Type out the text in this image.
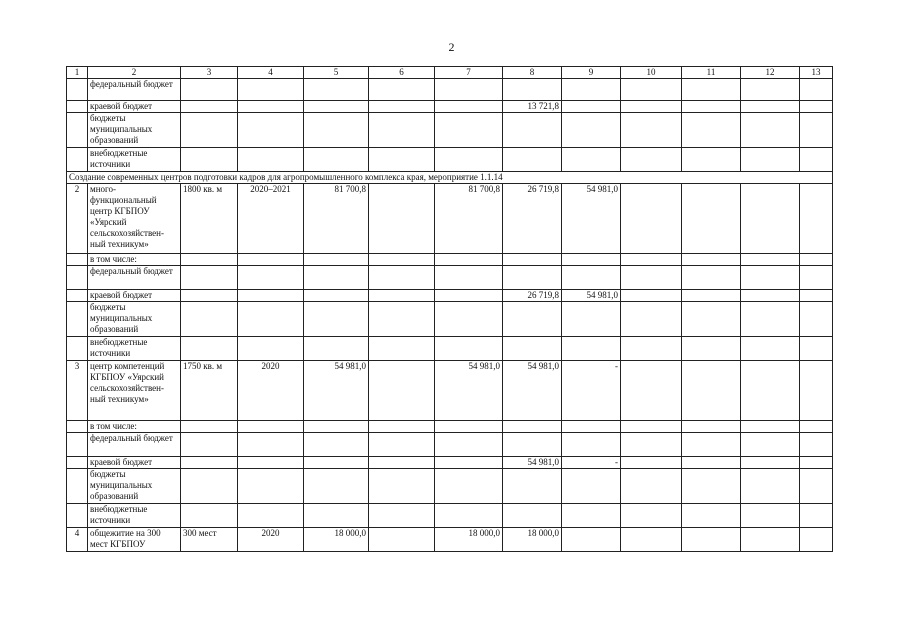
2
1	2	3	4	5	6	7	8	9	10	11	12	13
	федеральный бюджет											
	краевой бюджет						13 721,8					
	бюджеты муниципальных образований											
	внебюджетные источники											
Создание современных центров подготовки кадров для агропромышленного комплекса края, мероприятие 1.1.14												
2	много-функциональный центр КГБПОУ «Уярский сельскохозяйствен-ный техникум»	1800 кв. м	2020–2021	81 700,8		81 700,8	26 719,8	54 981,0				
	в том числе:											
	федеральный бюджет											
	краевой бюджет						26 719,8	54 981,0				
	бюджеты муниципальных образований											
	внебюджетные источники											
3	центр компетенций КГБПОУ «Уярский сельскохозяйствен-ный техникум»	1750 кв. м	2020	54 981,0		54 981,0	54 981,0	-				
	в том числе:											
	федеральный бюджет											
	краевой бюджет						54 981,0	-				
	бюджеты муниципальных образований											
	внебюджетные источники											
4	общежитие на 300 мест КГБПОУ	300 мест	2020	18 000,0		18 000,0	18 000,0					
